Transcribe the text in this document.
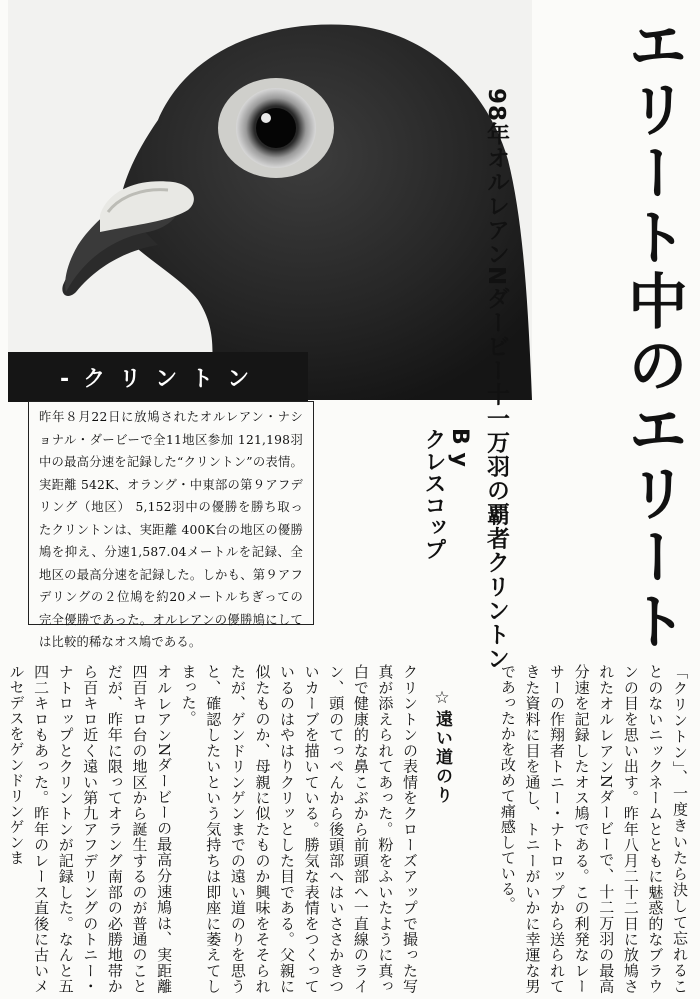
-クリントン
昨年８月22日に放鳩されたオルレアン・ナショナル・ダービーで全11地区参加 121,198羽中の最高分速を記録した“クリントン”の表情。実距離 542K、オラング・中東部の第９アフデリング（地区） 5,152羽中の優勝を勝ち取ったクリントンは、実距離 400K台の地区の優勝鳩を抑え、分速1,587.04メートルを記録、全地区の最高分速を記録した。しかも、第９アフデリングの２位鳩を約20メートルちぎっての完全優勝であった。オルレアンの優勝鳩にしては比較的稀なオス鳩である。	エリート中のエリート
98年オルレアンNダービー十一万羽の覇者クリントン
B y
クレスコップ
☆遠い道のり	「クリントン」、一度きいたら決して忘れることのないニックネームとともに魅惑的なブラウンの目を思い出す。昨年八月二十二日に放鳩されたオルレアンNダービーで、十二万羽の最高分速を記録したオス鳩である。この利発なレーサーの作翔者トニー・ナトロップから送られてきた資料に目を通し、トニーがいかに幸運な男であったかを改めて痛感している。
クリントンの表情をクローズアップで撮った写真が添えられてあった。粉をふいたように真っ白で健康的な鼻こぶから前頭部へ一直線のライン、頭のてっぺんから後頭部へはいささかきついカーブを描いている。勝気な表情をつくっているのはやはりクリッとした目である。父親に似たものか、母親に似たものか興味をそそられたが、ゲンドリンゲンまでの遠い道のりを思うと、確認したいという気持ちは即座に萎えてしまった。
オルレアンNダービーの最高分速鳩は、実距離四百キロ台の地区から誕生するのが普通のことだが、昨年に限ってオラング南部の必勝地帯から百キロ近く遠い第九アフデリングのトニー・ナトロップとクリントンが記録した。なんと五四二キロもあった。昨年のレース直後に古いメルセデスをゲンドリンゲンま
